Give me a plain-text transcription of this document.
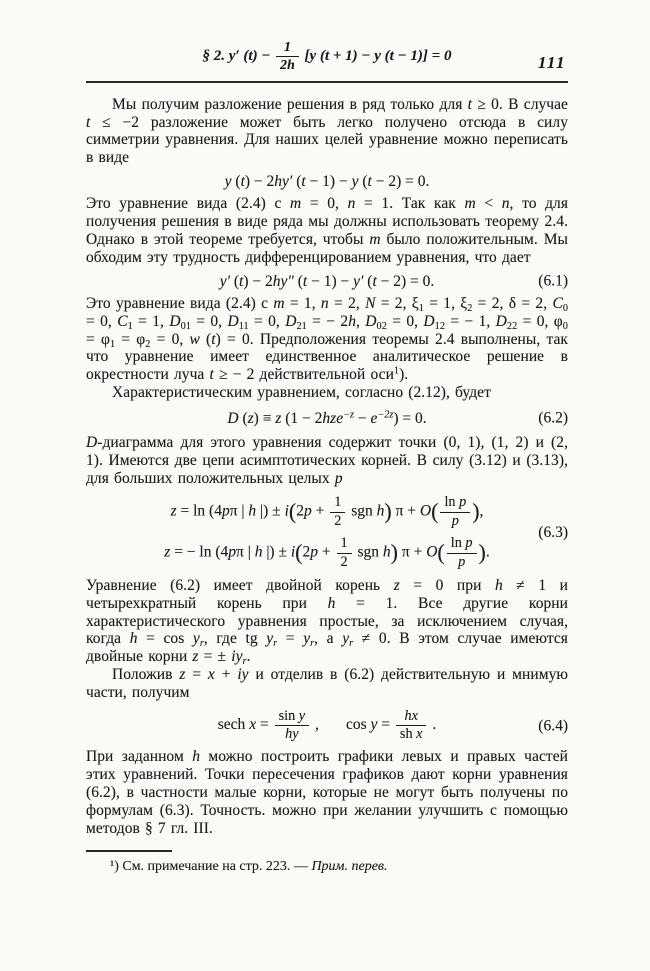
§ 2. y′ $(t) - \frac{1}{2h} [y$ (t + 1) − y (t − 1)] = 0	111

Мы получим разложение решения в ряд только для t ≥ 0. В случае t ≤ −2 разложение может быть легко получено отсюда в силу симметрии уравнения. Для наших целей уравнение можно переписать в виде

y (t) − 2hy′ (t − 1) − y (t − 2) = 0.

Это уравнение вида (2.4) с m = 0, n = 1. Так как m < n, то для получения решения в виде ряда мы должны использовать теорему 2.4. Однако в этой теореме требуется, чтобы m было положительным. Мы обходим эту трудность дифференцированием уравнения, что дает

y′ (t) − 2hy″ (t − 1) − y′ (t − 2) = 0.	(6.1)

Это уравнение вида (2.4) с m = 1, n = 2, N = 2, $\xi_1 = 1$, $\xi_2 = 2$, δ = 2, $C_0 = 0$, $C_1 = 1$, $D_{01} = 0$, $D_{11} = 0$, $D_{21}$ = − 2h, $D_{02} = 0$, $D_{12}$ = − 1, $D_{22} = 0$, $\varphi_0 = \varphi_1 = \varphi_2 = 0$, w (t) = 0. Предположения теоремы 2.4 выполнены, так что уравнение имеет единственное аналитическое решение в окрестности луча t ≥ − 2 действительной оси$^1$).

Характеристическим уравнением, согласно (2.12), будет

D (z) ≡ z $(1 - 2hze^{-z} - e^{-2z}) = 0$.	(6.2)

D-диаграмма для этого уравнения содержит точки (0, 1), (1, 2) и (2, 1). Имеются две цепи асимптотических корней. В силу (3.12) и (3.13), для больших положительных целых p

z = ln (4pπ | h |) ± $i(2p + \frac{1}{2}$ sgn h) $\pi + O( \frac{\text{ln p}}{p}$ ),
z = − ln (4pπ | h |) ± $i(2p + \frac{1}{2}$ sgn h) $\pi + O( \frac{\text{ln p}}{p}$ ).
(6.3)

Уравнение (6.2) имеет двойной корень z = 0 при h ≠ 1 и четырехкратный корень при h = 1. Все другие корни характеристического уравнения простые, за исключением случая, когда $h = \cos y_r$, где tg $y_r = y_r$, а $y_r \ne 0$. В этом случае имеются двойные корни z = ± $iy_r$.

Положив z = x + iy и отделив в (6.2) действительную и мнимую части, получим

sech $x = \frac{\text{sin y}}{hy}$ ,   $\cos y = \frac{hx}{\text{sh x}}$ .	(6.4)

При заданном h можно построить графики левых и правых частей этих уравнений. Точки пересечения графиков дают корни уравнения (6.2), в частности малые корни, которые не могут быть получены по формулам (6.3). Точность. можно при желании улучшить с помощью методов § 7 гл. III.

¹) См. примечание на стр. 223. — Прим. перев.
